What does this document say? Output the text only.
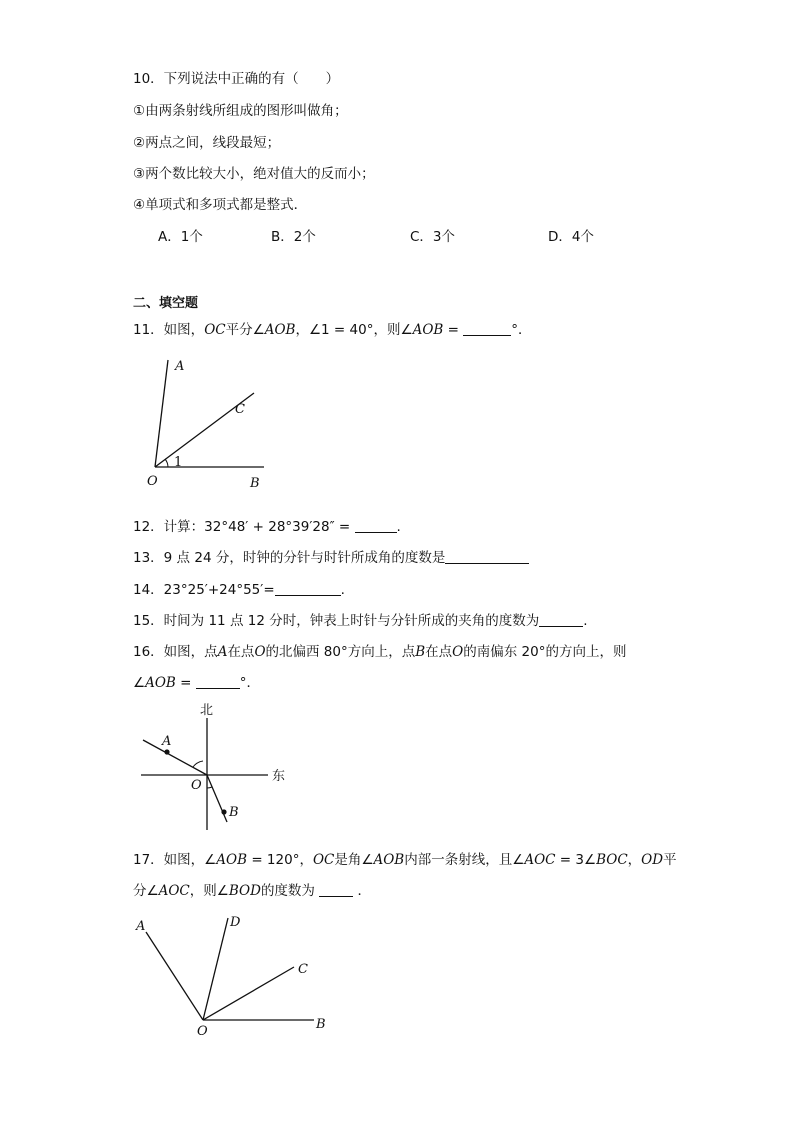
10．下列说法中正确的有（　　）
①由两条射线所组成的图形叫做角；
②两点之间，线段最短；
③两个数比较大小，绝对值大的反而小；
④单项式和多项式都是整式．
A．1个	B．2个	C．3个	D．4个
二、填空题
11．如图，OC平分∠AOB，∠1 = 40°，则∠AOB =	°．
A
C
1
O	B
12．计算：32°48′ + 28°39′28″ =	.
13．9 点 24 分，时钟的分针与时针所成角的度数是
14．23°25′+24°55′=	.
15．时间为 11 点 12 分时，钟表上时针与分针所成的夹角的度数为	.
16．如图，点A在点O的北偏西 80°方向上，点B在点O的南偏东 20°的方向上，则
∠AOB =	°．
北
东
A
O
B
17．如图，∠AOB = 120°，OC是角∠AOB内部一条射线，且∠AOC = 3∠BOC，OD平
分∠AOC，则∠BOD的度数为	．
A	D
C
O	B
